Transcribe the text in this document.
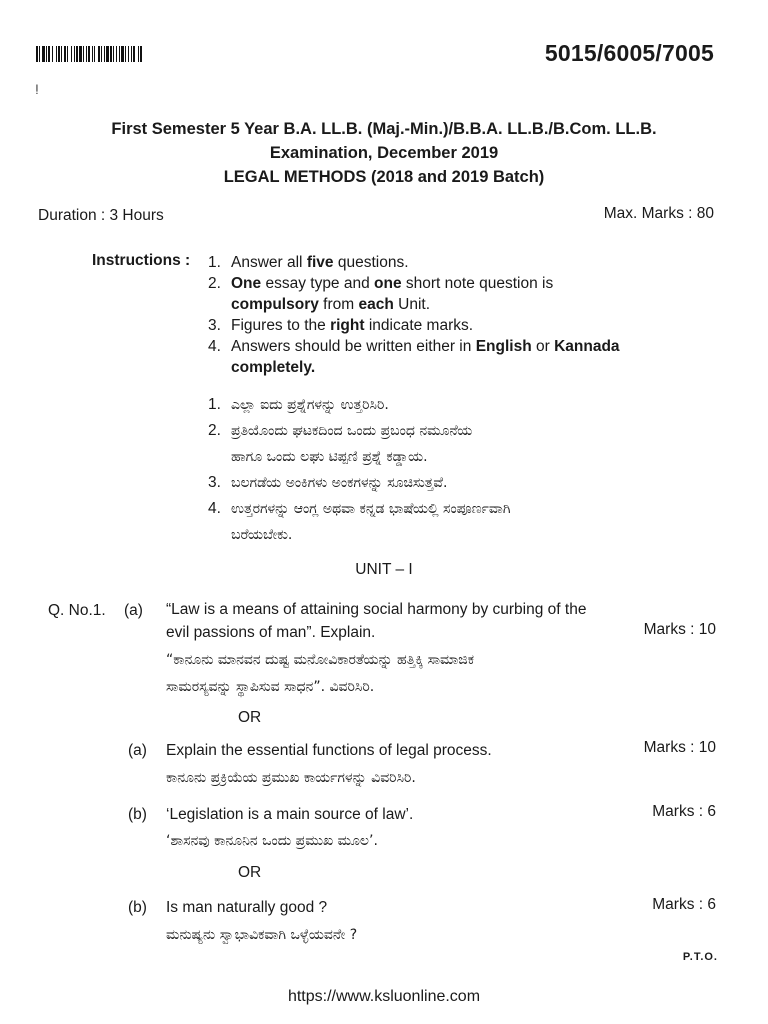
5015/6005/7005
ⵑ
First Semester 5 Year B.A. LL.B. (Maj.-Min.)/B.B.A. LL.B./B.Com. LL.B.
Examination, December 2019
LEGAL METHODS (2018 and 2019 Batch)
Duration : 3 Hours	Max. Marks : 80
Instructions : 1. Answer all five questions.
2. One essay type and one short note question is
compulsory from each Unit.
3. Figures to the right indicate marks.
4. Answers should be written either in English or Kannada
completely.
1. ಎಲ್ಲಾ ಐದು ಪ್ರಶ್ನೆಗಳನ್ನು ಉತ್ತರಿಸಿರಿ.
2. ಪ್ರತಿಯೊಂದು ಘಟಕದಿಂದ ಒಂದು ಪ್ರಬಂಧ ನಮೂನೆಯ
ಹಾಗೂ ಒಂದು ಲಘು ಟಿಪ್ಪಣಿ ಪ್ರಶ್ನೆ ಕಡ್ಡಾಯ.
3. ಬಲಗಡೆಯ ಅಂಕಿಗಳು ಅಂಕಗಳನ್ನು ಸೂಚಿಸುತ್ತವೆ.
4. ಉತ್ತರಗಳನ್ನು ಆಂಗ್ಲ ಅಥವಾ ಕನ್ನಡ ಭಾಷೆಯಲ್ಲಿ ಸಂಪೂರ್ಣವಾಗಿ
ಬರೆಯಬೇಕು.
UNIT – I
Q. No.1. (a) “Law is a means of attaining social harmony by curbing of the
evil passions of man”. Explain.	Marks : 10
“ಕಾನೂನು ಮಾನವನ ದುಷ್ಟ ಮನೋವಿಕಾರತೆಯನ್ನು ಹತ್ತಿಕ್ಕಿ ಸಾಮಾಜಿಕ
ಸಾಮರಸ್ಯವನ್ನು ಸ್ಥಾಪಿಸುವ ಸಾಧನ”. ವಿವರಿಸಿರಿ.
OR
(a) Explain the essential functions of legal process.	Marks : 10
ಕಾನೂನು ಪ್ರಕ್ರಿಯೆಯ ಪ್ರಮುಖ ಕಾರ್ಯಗಳನ್ನು ವಿವರಿಸಿರಿ.
(b) ‘Legislation is a main source of law’.	Marks : 6
‘ಶಾಸನವು ಕಾನೂನಿನ ಒಂದು ಪ್ರಮುಖ ಮೂಲ’.
OR
(b) Is man naturally good ?	Marks : 6
ಮನುಷ್ಯನು ಸ್ವಾಭಾವಿಕವಾಗಿ ಒಳ್ಳೆಯವನೇ ?
P.T.O.
https://www.ksluonline.com
